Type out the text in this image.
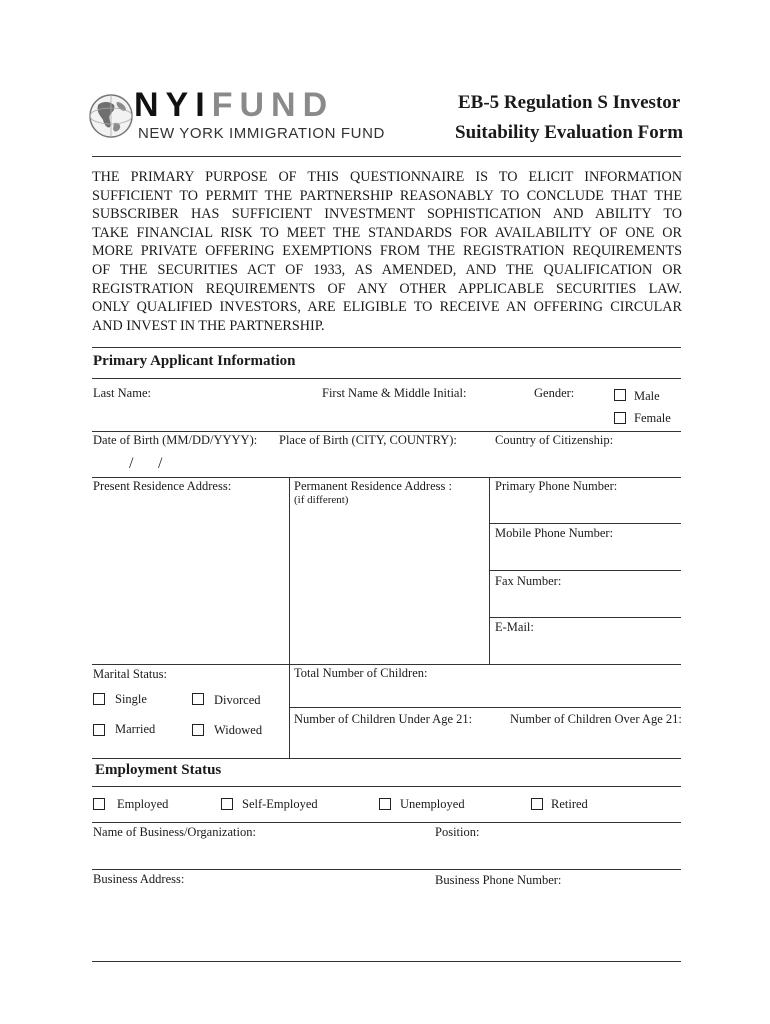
NYIFUND
NEW YORK IMMIGRATION FUND
EB-5 Regulation S Investor
Suitability Evaluation Form
THE PRIMARY PURPOSE OF THIS QUESTIONNAIRE IS TO ELICIT INFORMATION
SUFFICIENT TO PERMIT THE PARTNERSHIP REASONABLY TO CONCLUDE THAT THE
SUBSCRIBER HAS SUFFICIENT INVESTMENT SOPHISTICATION AND ABILITY TO
TAKE FINANCIAL RISK TO MEET THE STANDARDS FOR AVAILABILITY OF ONE OR
MORE PRIVATE OFFERING EXEMPTIONS FROM THE REGISTRATION REQUIREMENTS
OF THE SECURITIES ACT OF 1933, AS AMENDED, AND THE QUALIFICATION OR
REGISTRATION REQUIREMENTS OF ANY OTHER APPLICABLE SECURITIES LAW.
ONLY QUALIFIED INVESTORS, ARE ELIGIBLE TO RECEIVE AN OFFERING CIRCULAR
AND INVEST IN THE PARTNERSHIP.
Primary Applicant Information
Last Name:	First Name & Middle Initial:	Gender:	Male
Female
Date of Birth (MM/DD/YYYY):
/ /
Place of Birth (CITY, COUNTRY):	Country of Citizenship:
Present Residence Address:	Permanent Residence Address :
(if different)
Primary Phone Number:
Mobile Phone Number:
Fax Number:
E-Mail:
Marital Status:
Single	Divorced
Married	Widowed
Total Number of Children:
Number of Children Under Age 21:	Number of Children Over Age 21:
Employment Status
Employed	Self-Employed	Unemployed	Retired
Name of Business/Organization:	Position:
Business Address:	Business Phone Number:
